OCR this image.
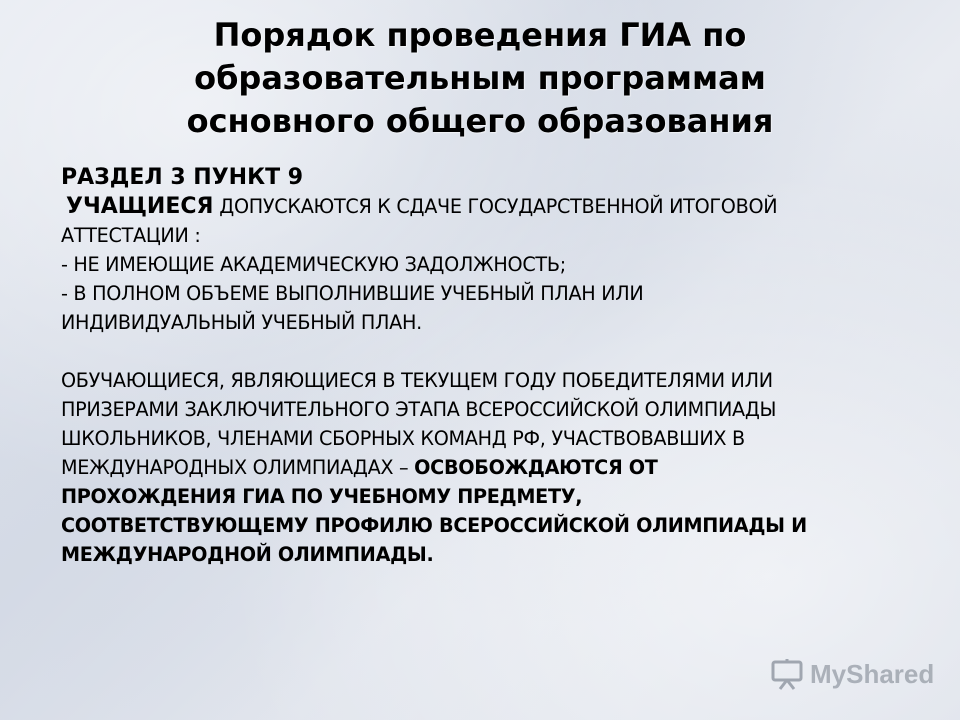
Порядок проведения ГИА по
образовательным программам
основного общего образования
РАЗДЕЛ 3 ПУНКТ 9
УЧАЩИЕСЯ ДОПУСКАЮТСЯ К СДАЧЕ ГОСУДАРСТВЕННОЙ ИТОГОВОЙ
АТТЕСТАЦИИ :
- НЕ ИМЕЮЩИЕ АКАДЕМИЧЕСКУЮ ЗАДОЛЖНОСТЬ;
- В ПОЛНОМ ОБЪЕМЕ ВЫПОЛНИВШИЕ УЧЕБНЫЙ ПЛАН ИЛИ
ИНДИВИДУАЛЬНЫЙ УЧЕБНЫЙ ПЛАН.
ОБУЧАЮЩИЕСЯ, ЯВЛЯЮЩИЕСЯ В ТЕКУЩЕМ ГОДУ ПОБЕДИТЕЛЯМИ ИЛИ
ПРИЗЕРАМИ ЗАКЛЮЧИТЕЛЬНОГО ЭТАПА ВСЕРОССИЙСКОЙ ОЛИМПИАДЫ
ШКОЛЬНИКОВ, ЧЛЕНАМИ СБОРНЫХ КОМАНД РФ, УЧАСТВОВАВШИХ В
МЕЖДУНАРОДНЫХ ОЛИМПИАДАХ – ОСВОБОЖДАЮТСЯ ОТ
ПРОХОЖДЕНИЯ ГИА ПО УЧЕБНОМУ ПРЕДМЕТУ,
СООТВЕТСТВУЮЩЕМУ ПРОФИЛЮ ВСЕРОССИЙСКОЙ ОЛИМПИАДЫ И
МЕЖДУНАРОДНОЙ ОЛИМПИАДЫ.
MyShared
